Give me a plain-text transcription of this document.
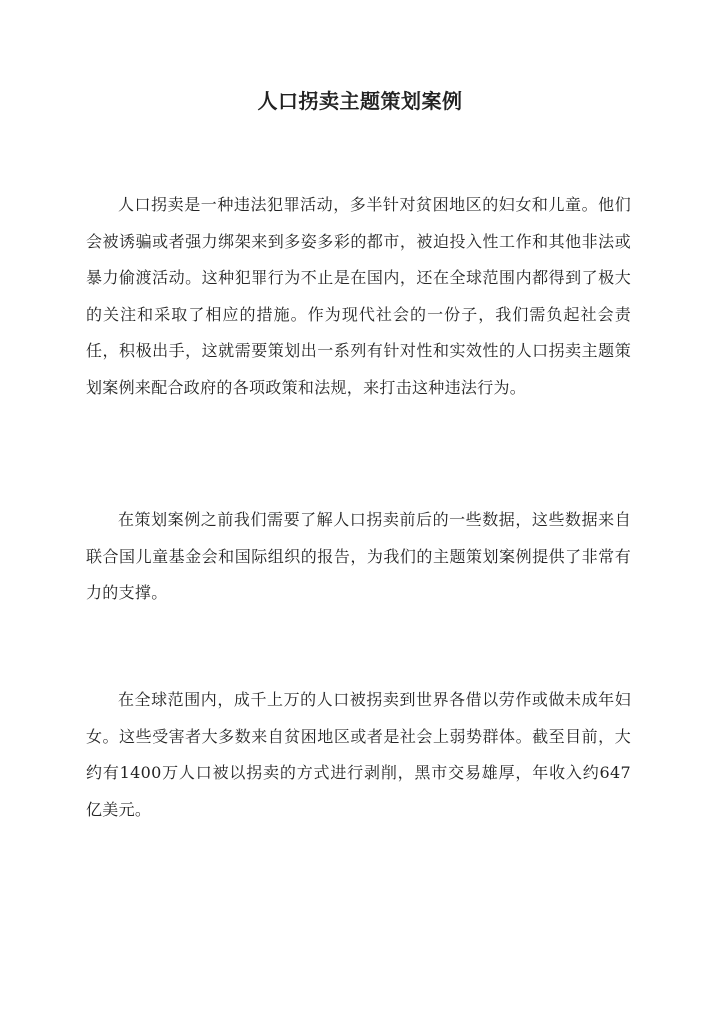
人口拐卖主题策划案例

人口拐卖是一种违法犯罪活动，多半针对贫困地区的妇女和儿童。他们会被诱骗或者强力绑架来到多姿多彩的都市，被迫投入性工作和其他非法或暴力偷渡活动。这种犯罪行为不止是在国内，还在全球范围内都得到了极大的关注和采取了相应的措施。作为现代社会的一份子，我们需负起社会责任，积极出手，这就需要策划出一系列有针对性和实效性的人口拐卖主题策划案例来配合政府的各项政策和法规，来打击这种违法行为。

在策划案例之前我们需要了解人口拐卖前后的一些数据，这些数据来自联合国儿童基金会和国际组织的报告，为我们的主题策划案例提供了非常有力的支撑。

在全球范围内，成千上万的人口被拐卖到世界各借以劳作或做未成年妇女。这些受害者大多数来自贫困地区或者是社会上弱势群体。截至目前，大约有1400万人口被以拐卖的方式进行剥削，黑市交易雄厚，年收入约647亿美元。
